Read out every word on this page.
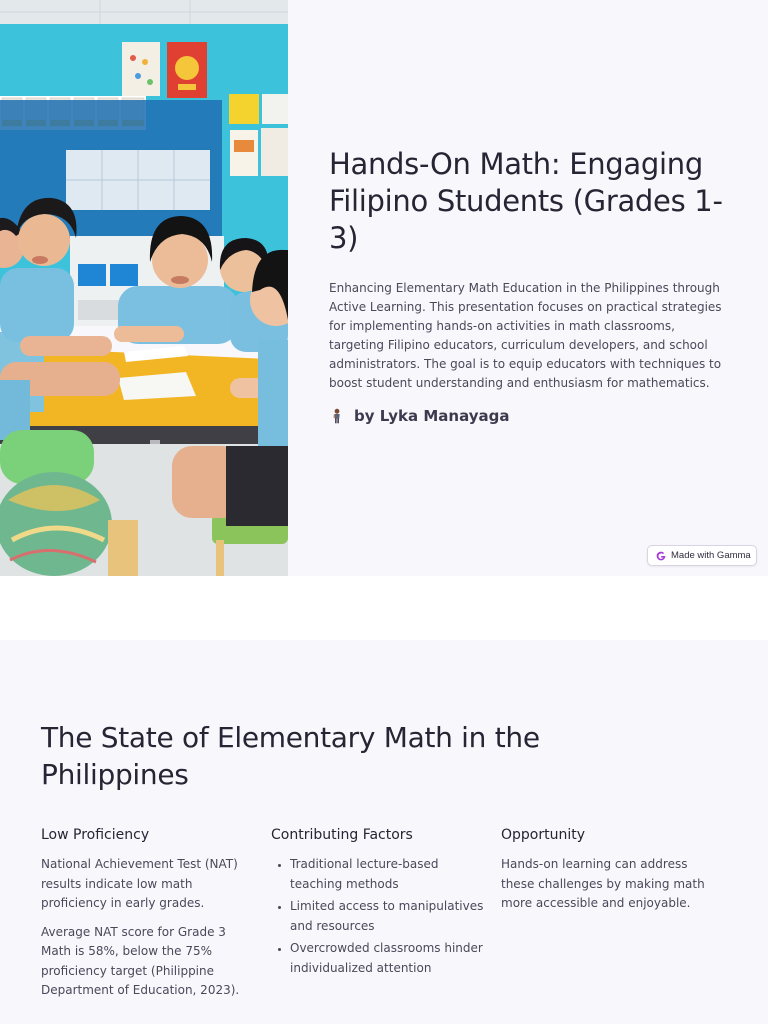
Hands-On Math: Engaging Filipino Students (Grades 1-3)

Enhancing Elementary Math Education in the Philippines through Active Learning. This presentation focuses on practical strategies for implementing hands-on activities in math classrooms, targeting Filipino educators, curriculum developers, and school administrators. The goal is to equip educators with techniques to boost student understanding and enthusiasm for mathematics.

by Lyka Manayaga
Made with Gamma
The State of Elementary Math in the Philippines
Low Proficiency

National Achievement Test (NAT) results indicate low math proficiency in early grades.

Average NAT score for Grade 3 Math is 58%, below the 75% proficiency target (Philippine Department of Education, 2023).

Contributing Factors
• Traditional lecture-based teaching methods
• Limited access to manipulatives and resources
• Overcrowded classrooms hinder individualized attention
Opportunity

Hands-on learning can address these challenges by making math more accessible and enjoyable.
